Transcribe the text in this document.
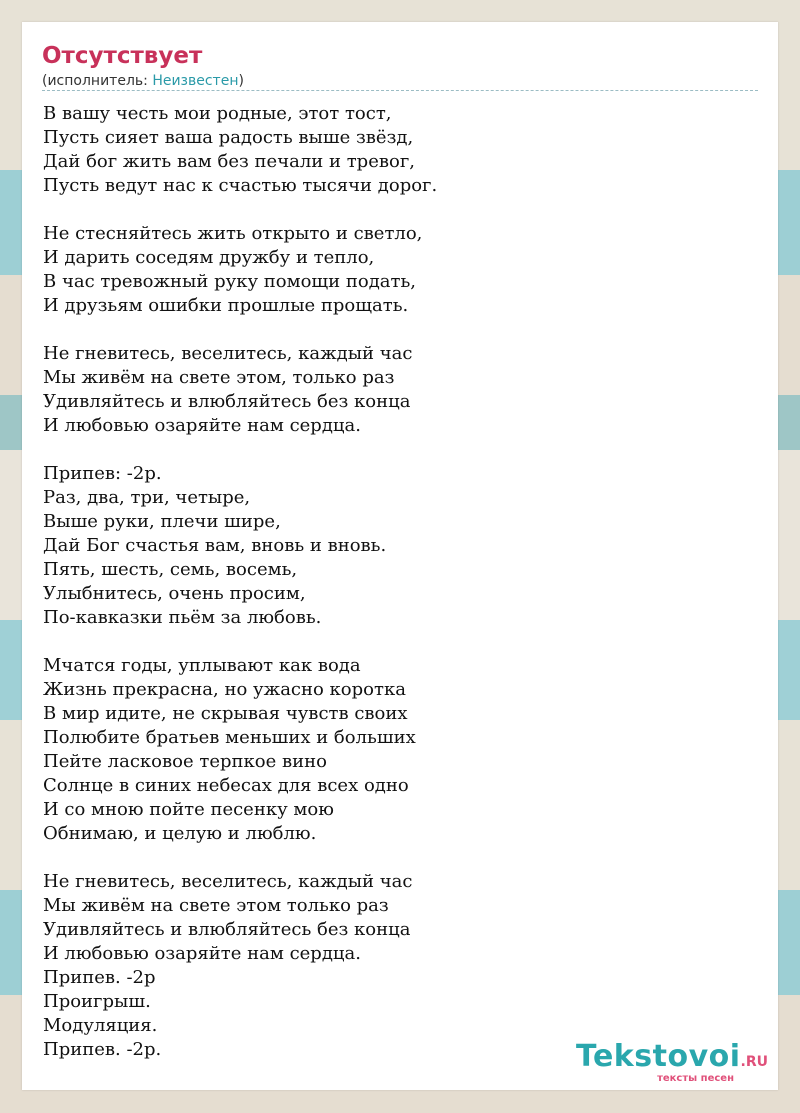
Отсутствует
(исполнитель: Неизвестен)
В вашу честь мои родные, этот тост,
Пусть сияет ваша радость выше звёзд,
Дай бог жить вам без печали и тревог,
Пусть ведут нас к счастью тысячи дорог.
Не стесняйтесь жить открыто и светло,
И дарить соседям дружбу и тепло,
В час тревожный руку помощи подать,
И друзьям ошибки прошлые прощать.
Не гневитесь, веселитесь, каждый час
Мы живём на свете этом, только раз
Удивляйтесь и влюбляйтесь без конца
И любовью озаряйте нам сердца.
Припев: -2р.
Раз, два, три, четыре,
Выше руки, плечи шире,
Дай Бог счастья вам, вновь и вновь.
Пять, шесть, семь, восемь,
Улыбнитесь, очень просим,
По-кавказки пьём за любовь.
Мчатся годы, уплывают как вода
Жизнь прекрасна, но ужасно коротка
В мир идите, не скрывая чувств своих
Полюбите братьев меньших и больших
Пейте ласковое терпкое вино
Солнце в синих небесах для всех одно
И со мною пойте песенку мою
Обнимаю, и целую и люблю.
Не гневитесь, веселитесь, каждый час
Мы живём на свете этом только раз
Удивляйтесь и влюбляйтесь без конца
И любовью озаряйте нам сердца.
Припев. -2р
Проигрыш.
Модуляция.
Припев. -2р.	Tekstovoi.RU
тексты песен
